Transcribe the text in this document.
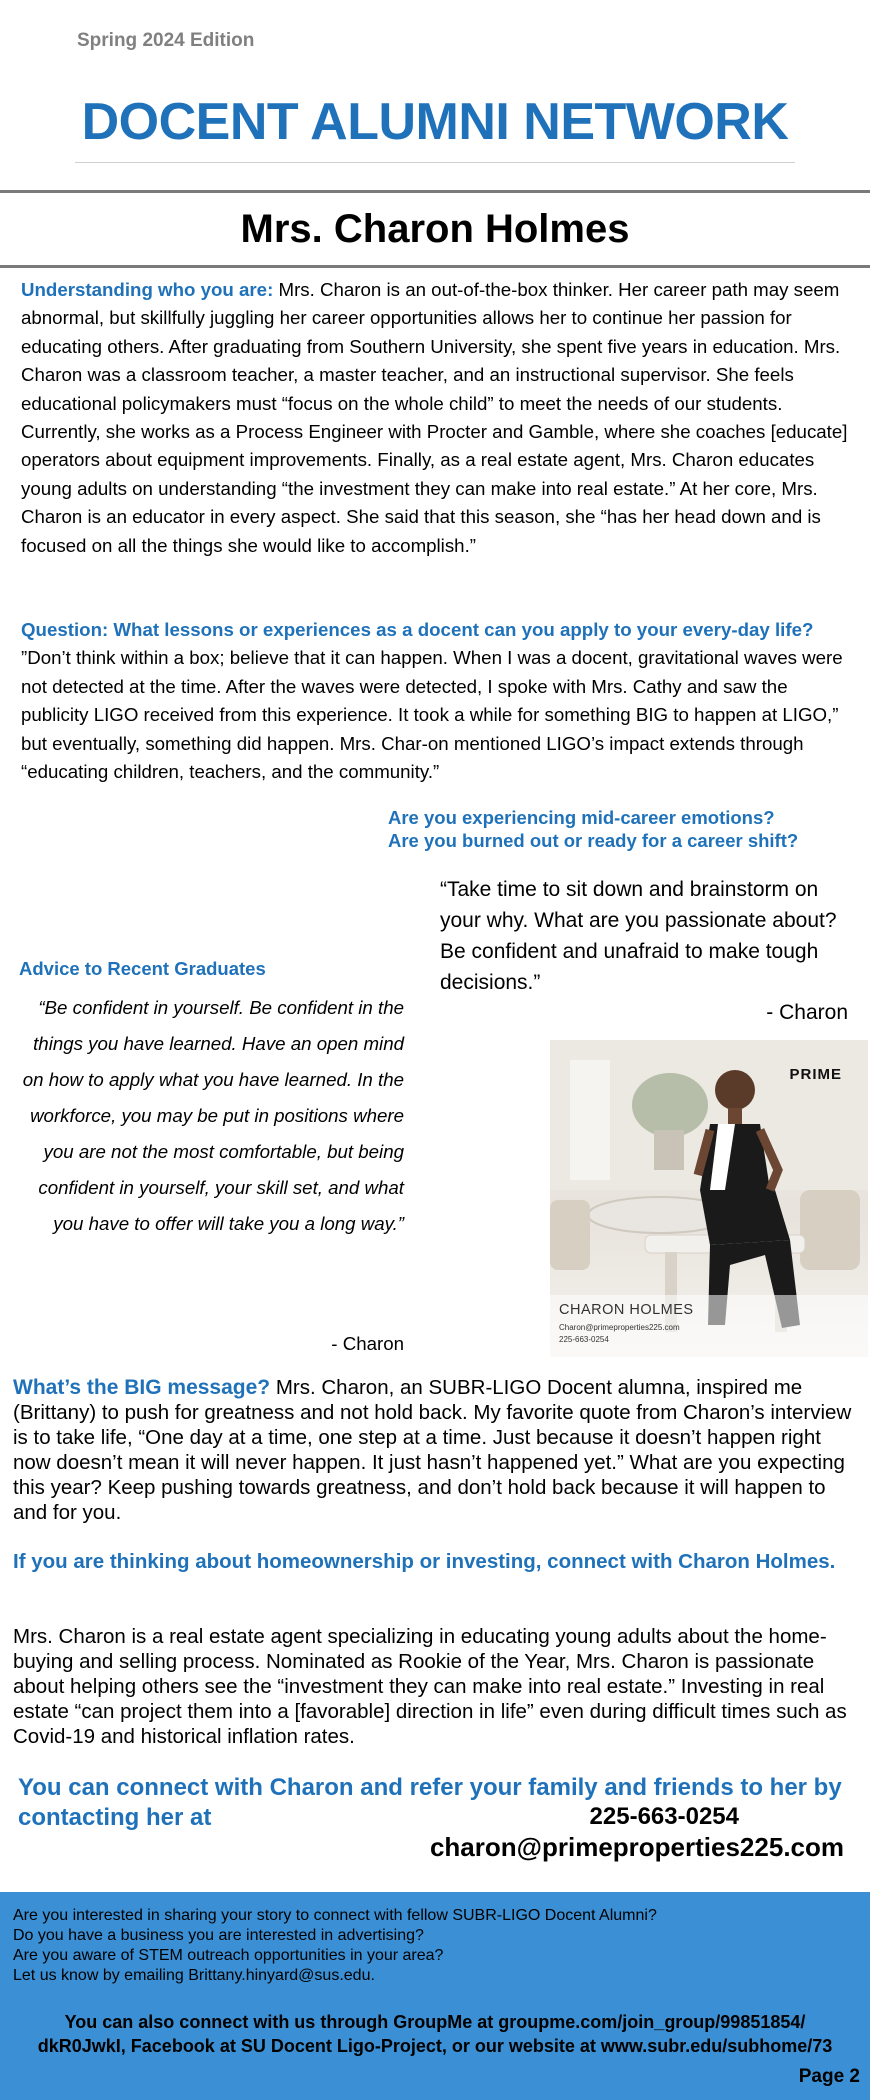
Spring 2024 Edition
DOCENT ALUMNI NETWORK
Mrs. Charon Holmes
Understanding who you are: Mrs. Charon is an out-of-the-box thinker. Her career path may seem abnormal, but skillfully juggling her career opportunities allows her to continue her passion for educating others. After graduating from Southern University, she spent five years in education. Mrs. Charon was a classroom teacher, a master teacher, and an instructional supervisor. She feels educational policymakers must “focus on the whole child” to meet the needs of our students. Currently, she works as a Process Engineer with Procter and Gamble, where she coaches [educate] operators about equipment improvements. Finally, as a real estate agent, Mrs. Charon educates young adults on understanding “the investment they can make into real estate.” At her core, Mrs. Charon is an educator in every aspect. She said that this season, she “has her head down and is focused on all the things she would like to accomplish.”
Question: What lessons or experiences as a docent can you apply to your every-day life? ”Don’t think within a box; believe that it can happen. When I was a docent, gravitational waves were not detected at the time. After the waves were detected, I spoke with Mrs. Cathy and saw the publicity LIGO received from this experience. It took a while for something BIG to happen at LIGO,” but eventually, something did happen. Mrs. Char-on mentioned LIGO’s impact extends through “educating children, teachers, and the community.”
Are you experiencing mid-career emotions?
Are you burned out or ready for a career shift?
“Take time to sit down and brainstorm on your why. What are you passionate about? Be confident and unafraid to make tough decisions.”
- Charon
Advice to Recent Graduates
“Be confident in yourself. Be confident in the things you have learned. Have an open mind on how to apply what you have learned. In the workforce, you may be put in positions where you are not the most comfortable, but being confident in yourself, your skill set, and what you have to offer will take you a long way.”
- Charon
PRIME
CHARON HOLMES
Charon@primeproperties225.com
225-663-0254
What’s the BIG message? Mrs. Charon, an SUBR-LIGO Docent alumna, inspired me (Brittany) to push for greatness and not hold back. My favorite quote from Charon’s interview is to take life, “One day at a time, one step at a time. Just because it doesn’t happen right now doesn’t mean it will never happen. It just hasn’t happened yet.” What are you expecting this year? Keep pushing towards greatness, and don’t hold back because it will happen to and for you.
If you are thinking about homeownership or investing, connect with Charon Holmes.
Mrs. Charon is a real estate agent specializing in educating young adults about the home-buying and selling process. Nominated as Rookie of the Year, Mrs. Charon is passionate about helping others see the “investment they can make into real estate.” Investing in real estate “can project them into a [favorable] direction in life” even during difficult times such as Covid-19 and historical inflation rates.
You can connect with Charon and refer your family and friends to her by contacting her at	225-663-0254
charon@primeproperties225.com
Are you interested in sharing your story to connect with fellow SUBR-LIGO Docent Alumni?
Do you have a business you are interested in advertising?
Are you aware of STEM outreach opportunities in your area?
Let us know by emailing Brittany.hinyard@sus.edu.
You can also connect with us through GroupMe at groupme.com/join_group/99851854/
dkR0JwkI, Facebook at SU Docent Ligo-Project, or our website at www.subr.edu/subhome/73
Page 2
